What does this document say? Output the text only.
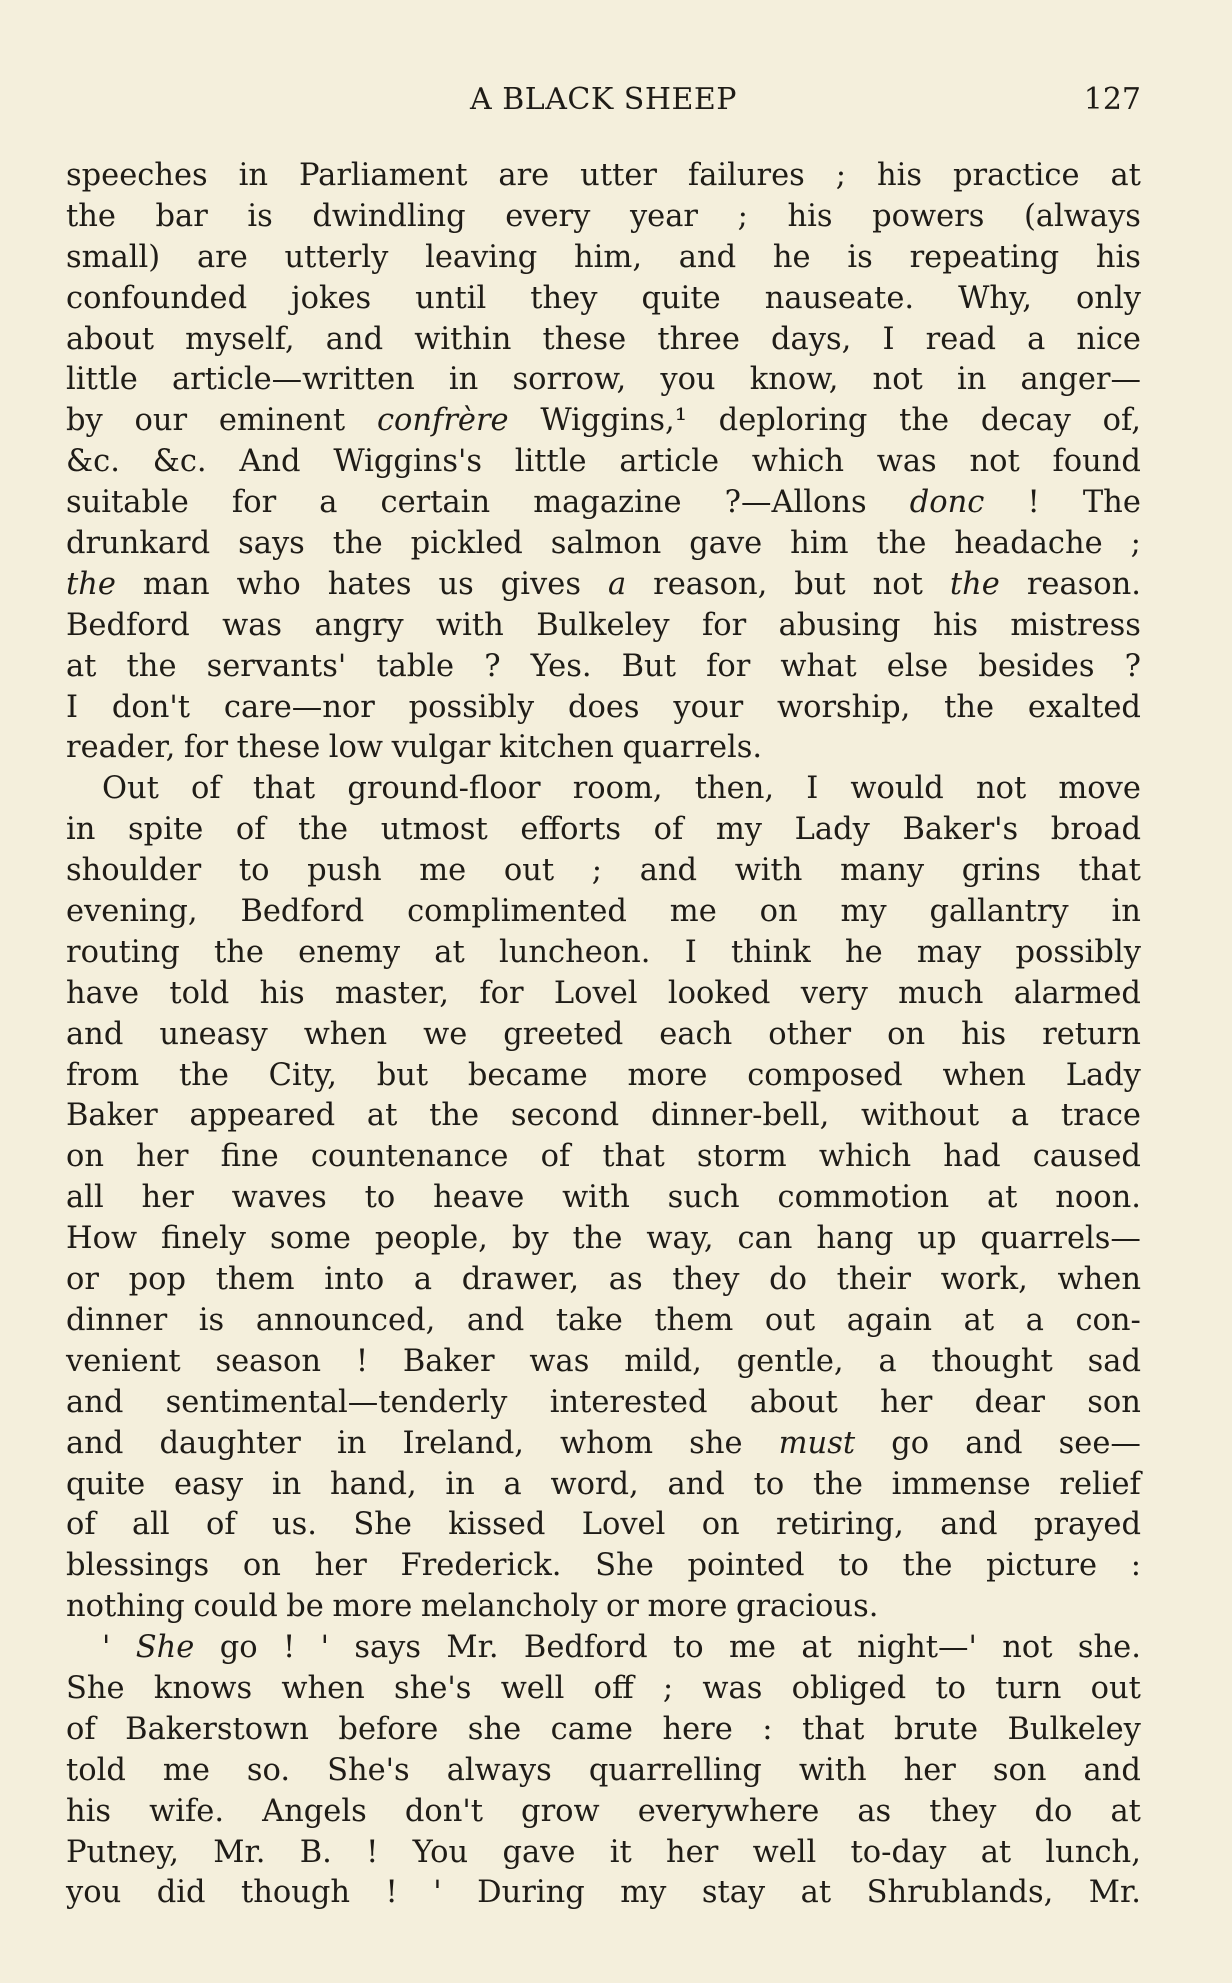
A BLACK SHEEP	127
speeches in Parliament are utter failures ; his practice at
the bar is dwindling every year ; his powers (always
small) are utterly leaving him, and he is repeating his
confounded jokes until they quite nauseate. Why, only
about myself, and within these three days, I read a nice
little article—written in sorrow, you know, not in anger—
by our eminent confrère Wiggins,¹ deploring the decay of,
&c. &c. And Wiggins's little article which was not found
suitable for a certain magazine ?—Allons donc ! The
drunkard says the pickled salmon gave him the headache ;
the man who hates us gives a reason, but not the reason.
Bedford was angry with Bulkeley for abusing his mistress
at the servants' table ? Yes. But for what else besides ?
I don't care—nor possibly does your worship, the exalted
reader, for these low vulgar kitchen quarrels.
Out of that ground-floor room, then, I would not move
in spite of the utmost efforts of my Lady Baker's broad
shoulder to push me out ; and with many grins that
evening, Bedford complimented me on my gallantry in
routing the enemy at luncheon. I think he may possibly
have told his master, for Lovel looked very much alarmed
and uneasy when we greeted each other on his return
from the City, but became more composed when Lady
Baker appeared at the second dinner-bell, without a trace
on her fine countenance of that storm which had caused
all her waves to heave with such commotion at noon.
How finely some people, by the way, can hang up quarrels—
or pop them into a drawer, as they do their work, when
dinner is announced, and take them out again at a con-
venient season ! Baker was mild, gentle, a thought sad
and sentimental—tenderly interested about her dear son
and daughter in Ireland, whom she must go and see—
quite easy in hand, in a word, and to the immense relief
of all of us. She kissed Lovel on retiring, and prayed
blessings on her Frederick. She pointed to the picture :
nothing could be more melancholy or more gracious.
' She go ! ' says Mr. Bedford to me at night—' not she.
She knows when she's well off ; was obliged to turn out
of Bakerstown before she came here : that brute Bulkeley
told me so. She's always quarrelling with her son and
his wife. Angels don't grow everywhere as they do at
Putney, Mr. B. ! You gave it her well to-day at lunch,
you did though ! ' During my stay at Shrublands, Mr.
